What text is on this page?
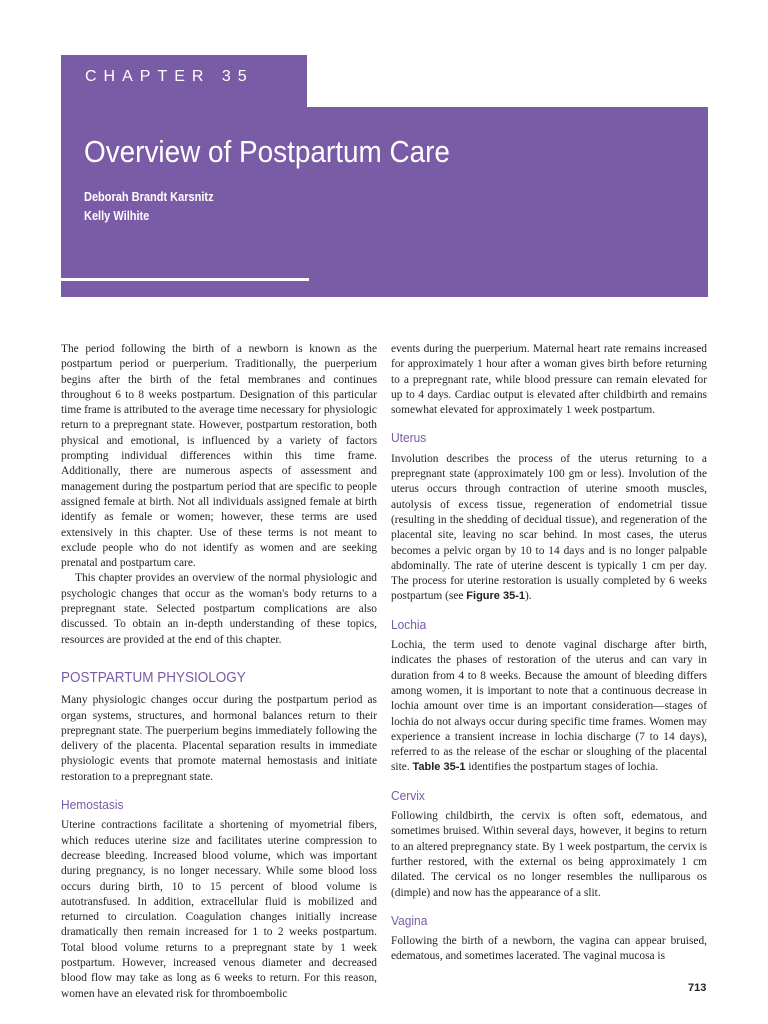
CHAPTER 35
Overview of Postpartum Care
Deborah Brandt Karsnitz
Kelly Wilhite

The period following the birth of a newborn is known as the postpartum period or puerperium. Traditionally, the puerperium begins after the birth of the fetal membranes and continues throughout 6 to 8 weeks postpartum. Designation of this particular time frame is attributed to the average time necessary for physiologic return to a prepregnant state. However, postpartum restoration, both physical and emotional, is influenced by a variety of factors prompting individual differences within this time frame. Additionally, there are numerous aspects of assessment and management during the postpartum period that are specific to people assigned female at birth. Not all individuals assigned female at birth identify as female or women; however, these terms are used extensively in this chapter. Use of these terms is not meant to exclude people who do not identify as women and are seeking prenatal and postpartum care.

This chapter provides an overview of the normal physiologic and psychologic changes that occur as the woman's body returns to a prepregnant state. Selected postpartum complications are also discussed. To obtain an in-depth understanding of these topics, resources are provided at the end of this chapter.

POSTPARTUM PHYSIOLOGY

Many physiologic changes occur during the postpartum period as organ systems, structures, and hormonal balances return to their prepregnant state. The puerperium begins immediately following the delivery of the placenta. Placental separation results in immediate physiologic events that promote maternal hemostasis and initiate restoration to a prepregnant state.

Hemostasis

Uterine contractions facilitate a shortening of myometrial fibers, which reduces uterine size and facilitates uterine compression to decrease bleeding. Increased blood volume, which was important during pregnancy, is no longer necessary. While some blood loss occurs during birth, 10 to 15 percent of blood volume is autotransfused. In addition, extracellular fluid is mobilized and returned to circulation. Coagulation changes initially increase dramatically then remain increased for 1 to 2 weeks postpartum. Total blood volume returns to a prepregnant state by 1 week postpartum. However, increased venous diameter and decreased blood flow may take as long as 6 weeks to return. For this reason, women have an elevated risk for thromboembolic

events during the puerperium. Maternal heart rate remains increased for approximately 1 hour after a woman gives birth before returning to a prepregnant rate, while blood pressure can remain elevated for up to 4 days. Cardiac output is elevated after childbirth and remains somewhat elevated for approximately 1 week postpartum.

Uterus

Involution describes the process of the uterus returning to a prepregnant state (approximately 100 gm or less). Involution of the uterus occurs through contraction of uterine smooth muscles, autolysis of excess tissue, regeneration of endometrial tissue (resulting in the shedding of decidual tissue), and regeneration of the placental site, leaving no scar behind. In most cases, the uterus becomes a pelvic organ by 10 to 14 days and is no longer palpable abdominally. The rate of uterine descent is typically 1 cm per day. The process for uterine restoration is usually completed by 6 weeks postpartum (see Figure 35-1).

Lochia

Lochia, the term used to denote vaginal discharge after birth, indicates the phases of restoration of the uterus and can vary in duration from 4 to 8 weeks. Because the amount of bleeding differs among women, it is important to note that a continuous decrease in lochia amount over time is an important consideration—stages of lochia do not always occur during specific time frames. Women may experience a transient increase in lochia discharge (7 to 14 days), referred to as the release of the eschar or sloughing of the placental site. Table 35-1 identifies the postpartum stages of lochia.

Cervix

Following childbirth, the cervix is often soft, edematous, and sometimes bruised. Within several days, however, it begins to return to an altered prepregnancy state. By 1 week postpartum, the cervix is further restored, with the external os being approximately 1 cm dilated. The cervical os no longer resembles the nulliparous os (dimple) and now has the appearance of a slit.

Vagina

Following the birth of a newborn, the vagina can appear bruised, edematous, and sometimes lacerated. The vaginal mucosa is

713
